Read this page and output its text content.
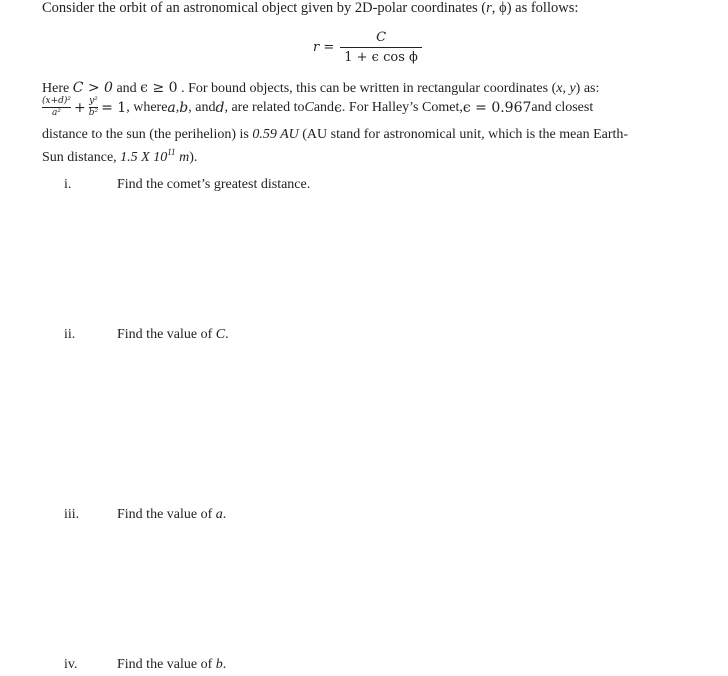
Consider the orbit of an astronomical object given by 2D-polar coordinates (r, ϕ) as follows:
$r = \frac{C}{\text{1 + ϵ cos ϕ}}$
Here C > 0 and ϵ ≥ 0 . For bound objects, this can be written in rectangular coordinates (x, y) as:
(x+d)²
a² + y²
b² = 1 , where a , b , and d , are related to C and ϵ . For Halley’s Comet, ϵ = 0.967 and closest
distance to the sun (the perihelion) is 0.59 AU (AU stand for astronomical unit, which is the mean Earth-
Sun distance, 1.5 X $10^{11}$ m).
i.	Find the comet’s greatest distance.
ii.	Find the value of C.
iii.	Find the value of a.
iv.	Find the value of b.
